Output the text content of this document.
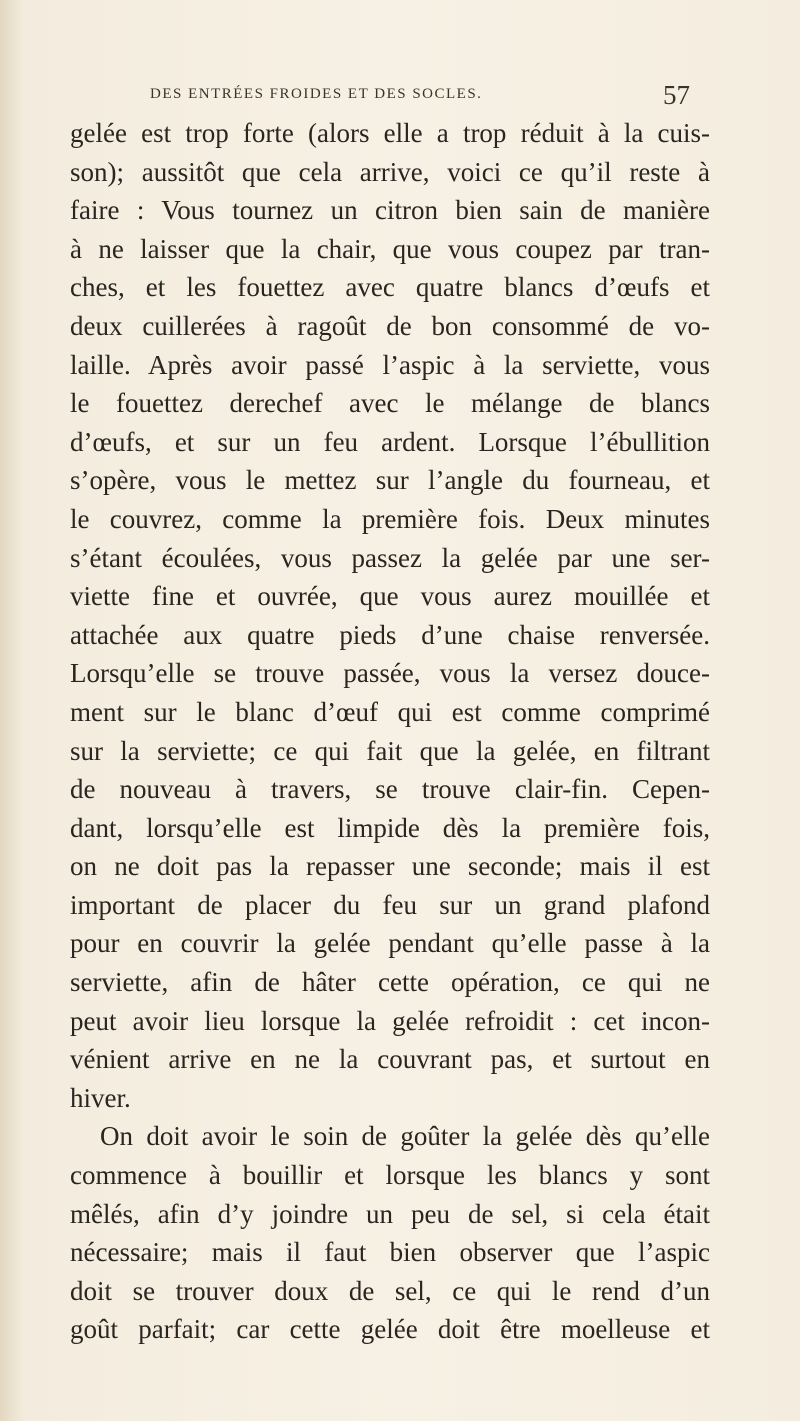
DES ENTRÉES FROIDES ET DES SOCLES.	57
gelée est trop forte (alors elle a trop réduit à la cuis-
son); aussitôt que cela arrive, voici ce qu’il reste à
faire : Vous tournez un citron bien sain de manière
à ne laisser que la chair, que vous coupez par tran-
ches, et les fouettez avec quatre blancs d’œufs et
deux cuillerées à ragoût de bon consommé de vo-
laille. Après avoir passé l’aspic à la serviette, vous
le fouettez derechef avec le mélange de blancs
d’œufs, et sur un feu ardent. Lorsque l’ébullition
s’opère, vous le mettez sur l’angle du fourneau, et
le couvrez, comme la première fois. Deux minutes
s’étant écoulées, vous passez la gelée par une ser-
viette fine et ouvrée, que vous aurez mouillée et
attachée aux quatre pieds d’une chaise renversée.
Lorsqu’elle se trouve passée, vous la versez douce-
ment sur le blanc d’œuf qui est comme comprimé
sur la serviette; ce qui fait que la gelée, en filtrant
de nouveau à travers, se trouve clair-fin. Cepen-
dant, lorsqu’elle est limpide dès la première fois,
on ne doit pas la repasser une seconde; mais il est
important de placer du feu sur un grand plafond
pour en couvrir la gelée pendant qu’elle passe à la
serviette, afin de hâter cette opération, ce qui ne
peut avoir lieu lorsque la gelée refroidit : cet incon-
vénient arrive en ne la couvrant pas, et surtout en
hiver.
On doit avoir le soin de goûter la gelée dès qu’elle
commence à bouillir et lorsque les blancs y sont
mêlés, afin d’y joindre un peu de sel, si cela était
nécessaire; mais il faut bien observer que l’aspic
doit se trouver doux de sel, ce qui le rend d’un
goût parfait; car cette gelée doit être moelleuse et
